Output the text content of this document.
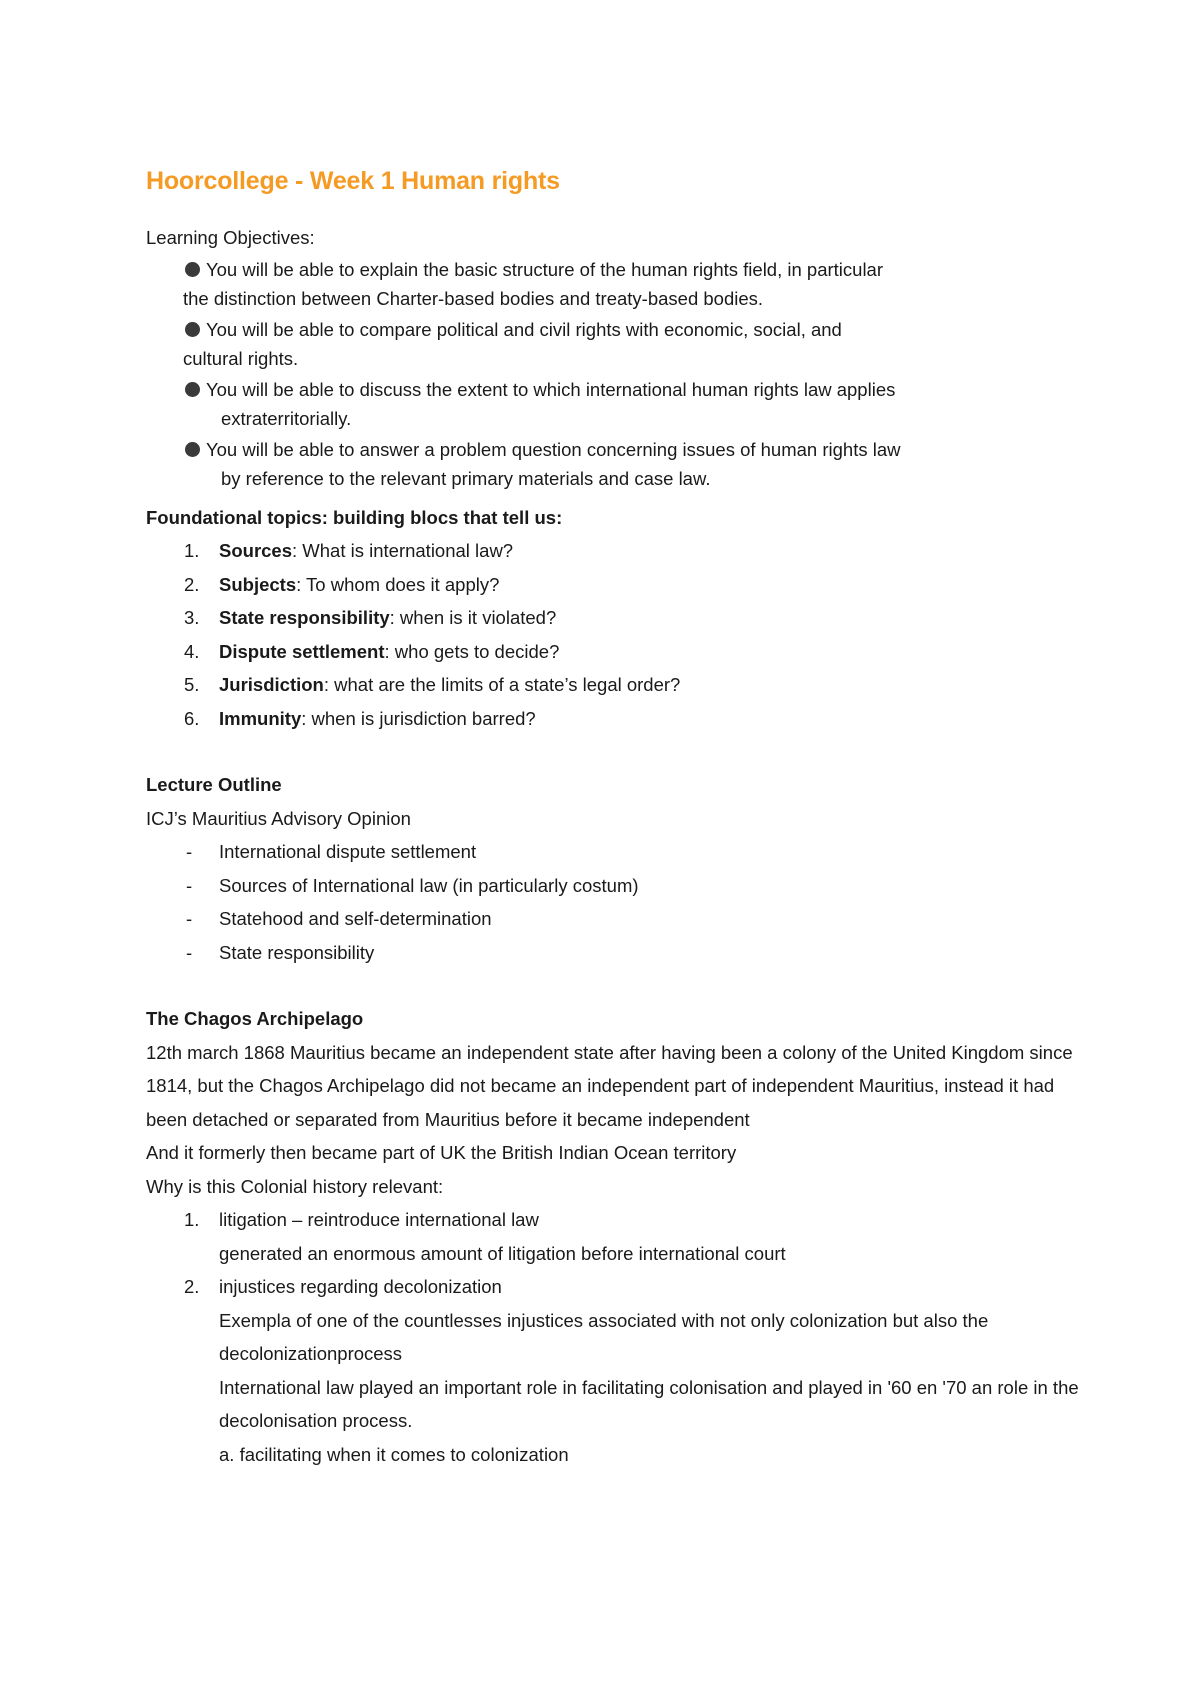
Hoorcollege - Week 1 Human rights

Learning Objectives:

You will be able to explain the basic structure of the human rights field, in particular
the distinction between Charter-based bodies and treaty-based bodies.
You will be able to compare political and civil rights with economic, social, and
cultural rights.
You will be able to discuss the extent to which international human rights law applies
extraterritorially.
You will be able to answer a problem question concerning issues of human rights law
by reference to the relevant primary materials and case law.

Foundational topics: building blocs that tell us:

1.	Sources: What is international law?
2.	Subjects: To whom does it apply?
3.	State responsibility: when is it violated?
4.	Dispute settlement: who gets to decide?
5.	Jurisdiction: what are the limits of a state’s legal order?
6.	Immunity: when is jurisdiction barred?

Lecture Outline

ICJ’s Mauritius Advisory Opinion

-	International dispute settlement
-	Sources of International law (in particularly costum)
-	Statehood and self-determination
-	State responsibility

The Chagos Archipelago

12th march 1868 Mauritius became an independent state after having been a colony of the United Kingdom since 1814, but the Chagos Archipelago did not became an independent part of independent Mauritius, instead it had been detached or separated from Mauritius before it became independent

And it formerly then became part of UK the British Indian Ocean territory

Why is this Colonial history relevant:

1.	litigation – reintroduce international law
generated an enormous amount of litigation before international court
2.	injustices regarding decolonization
Exempla of one of the countlesses injustices associated with not only colonization but also the decolonizationprocess
International law played an important role in facilitating colonisation and played in '60 en '70 an role in the decolonisation process.
a. facilitating when it comes to colonization
